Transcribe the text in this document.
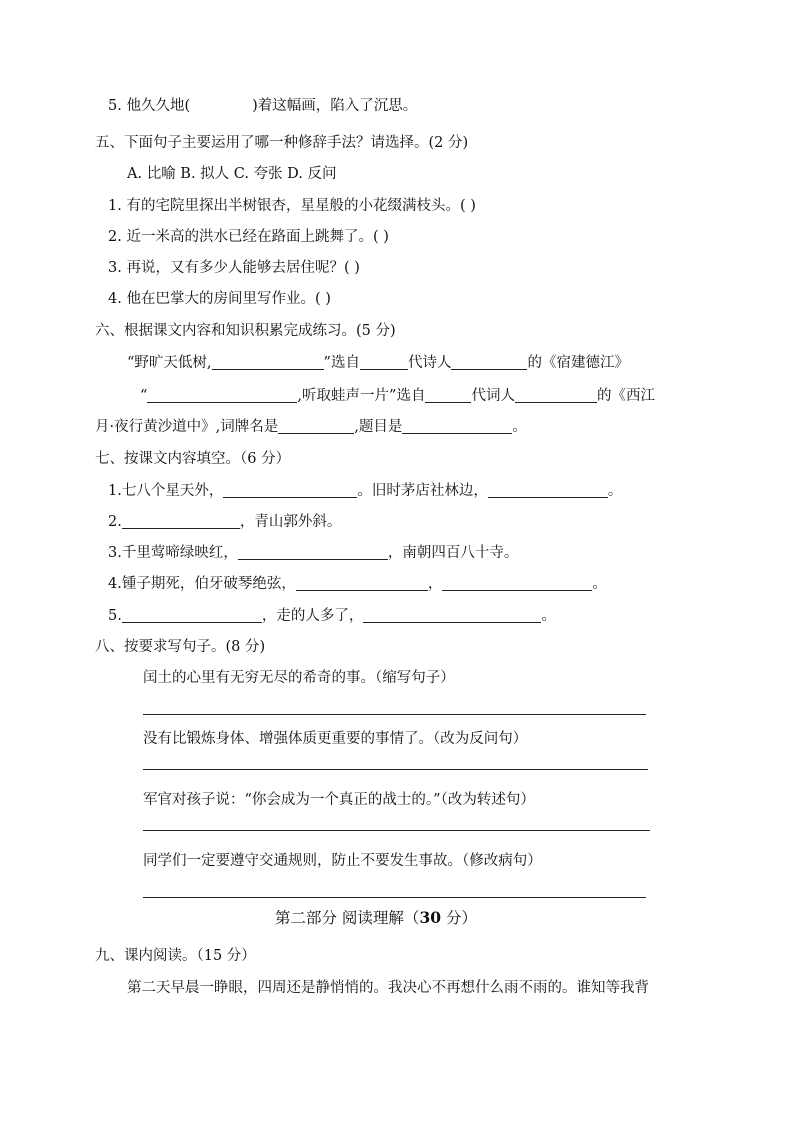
5. 他久久地(	)着这幅画，陷入了沉思。
五、下面句子主要运用了哪一种修辞手法？请选择。(2 分)
A. 比喻 B. 拟人 C. 夸张 D. 反问
1. 有的宅院里探出半树银杏，星星般的小花缀满枝头。( )
2. 近一米高的洪水已经在路面上跳舞了。( )
3. 再说，又有多少人能够去居住呢？( )
4. 他在巴掌大的房间里写作业。( )
六、根据课文内容和知识积累完成练习。(5 分)
“野旷天低树,	”选自	代诗人	的《宿建德江》
“	,听取蛙声一片”选自	代词人	的《西江
月·夜行黄沙道中》,词牌名是	,题目是	。
七、按课文内容填空。（6 分）
1.七八个星天外，	。旧时茅店社林边，	。
2.	，青山郭外斜。
3.千里莺啼绿映红，	，南朝四百八十寺。
4.锺子期死，伯牙破琴绝弦，	，	。
5.	，走的人多了，	。
八、按要求写句子。(8 分)
闰土的心里有无穷无尽的希奇的事。（缩写句子）
没有比锻炼身体、增强体质更重要的事情了。（改为反问句）
军官对孩子说：“你会成为一个真正的战士的。”（改为转述句）
同学们一定要遵守交通规则，防止不要发生事故。（修改病句）
第二部分 阅读理解（30 分）
九、课内阅读。（15 分）
第二天早晨一睁眼，四周还是静悄悄的。我决心不再想什么雨不雨的。谁知等我背
